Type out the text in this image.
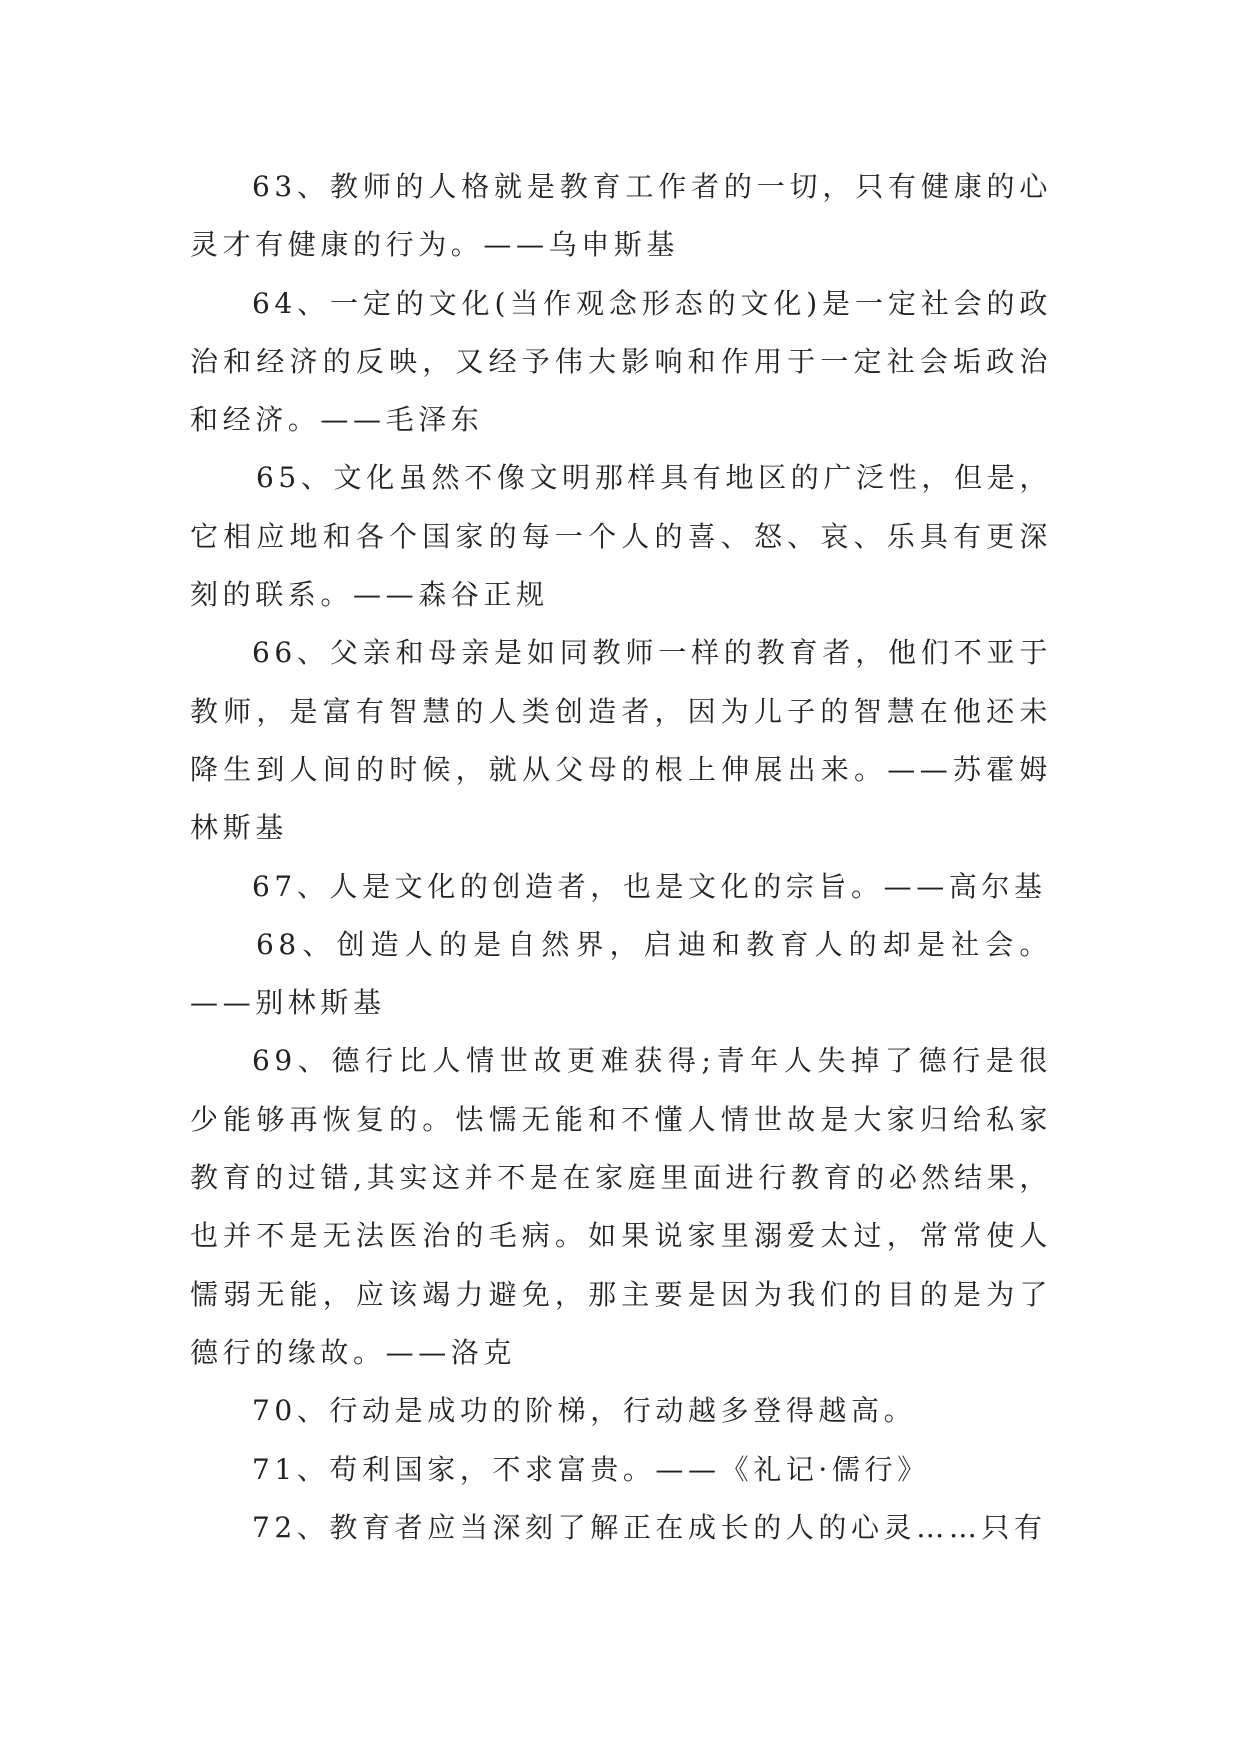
63、教师的人格就是教育工作者的一切，只有健康的心灵才有健康的行为。——乌申斯基

64、一定的文化(当作观念形态的文化)是一定社会的政治和经济的反映，又经予伟大影响和作用于一定社会垢政治和经济。——毛泽东

65、文化虽然不像文明那样具有地区的广泛性，但是，它相应地和各个国家的每一个人的喜、怒、哀、乐具有更深刻的联系。——森谷正规

66、父亲和母亲是如同教师一样的教育者，他们不亚于教师，是富有智慧的人类创造者，因为儿子的智慧在他还未降生到人间的时候，就从父母的根上伸展出来。——苏霍姆林斯基

67、人是文化的创造者，也是文化的宗旨。——高尔基

68、创造人的是自然界，启迪和教育人的却是社会。——别林斯基

69、德行比人情世故更难获得;青年人失掉了德行是很少能够再恢复的。怯懦无能和不懂人情世故是大家归给私家教育的过错,其实这并不是在家庭里面进行教育的必然结果，也并不是无法医治的毛病。如果说家里溺爱太过，常常使人懦弱无能，应该竭力避免，那主要是因为我们的目的是为了德行的缘故。——洛克

70、行动是成功的阶梯，行动越多登得越高。

71、苟利国家，不求富贵。——《礼记·儒行》

72、教育者应当深刻了解正在成长的人的心灵……只有
